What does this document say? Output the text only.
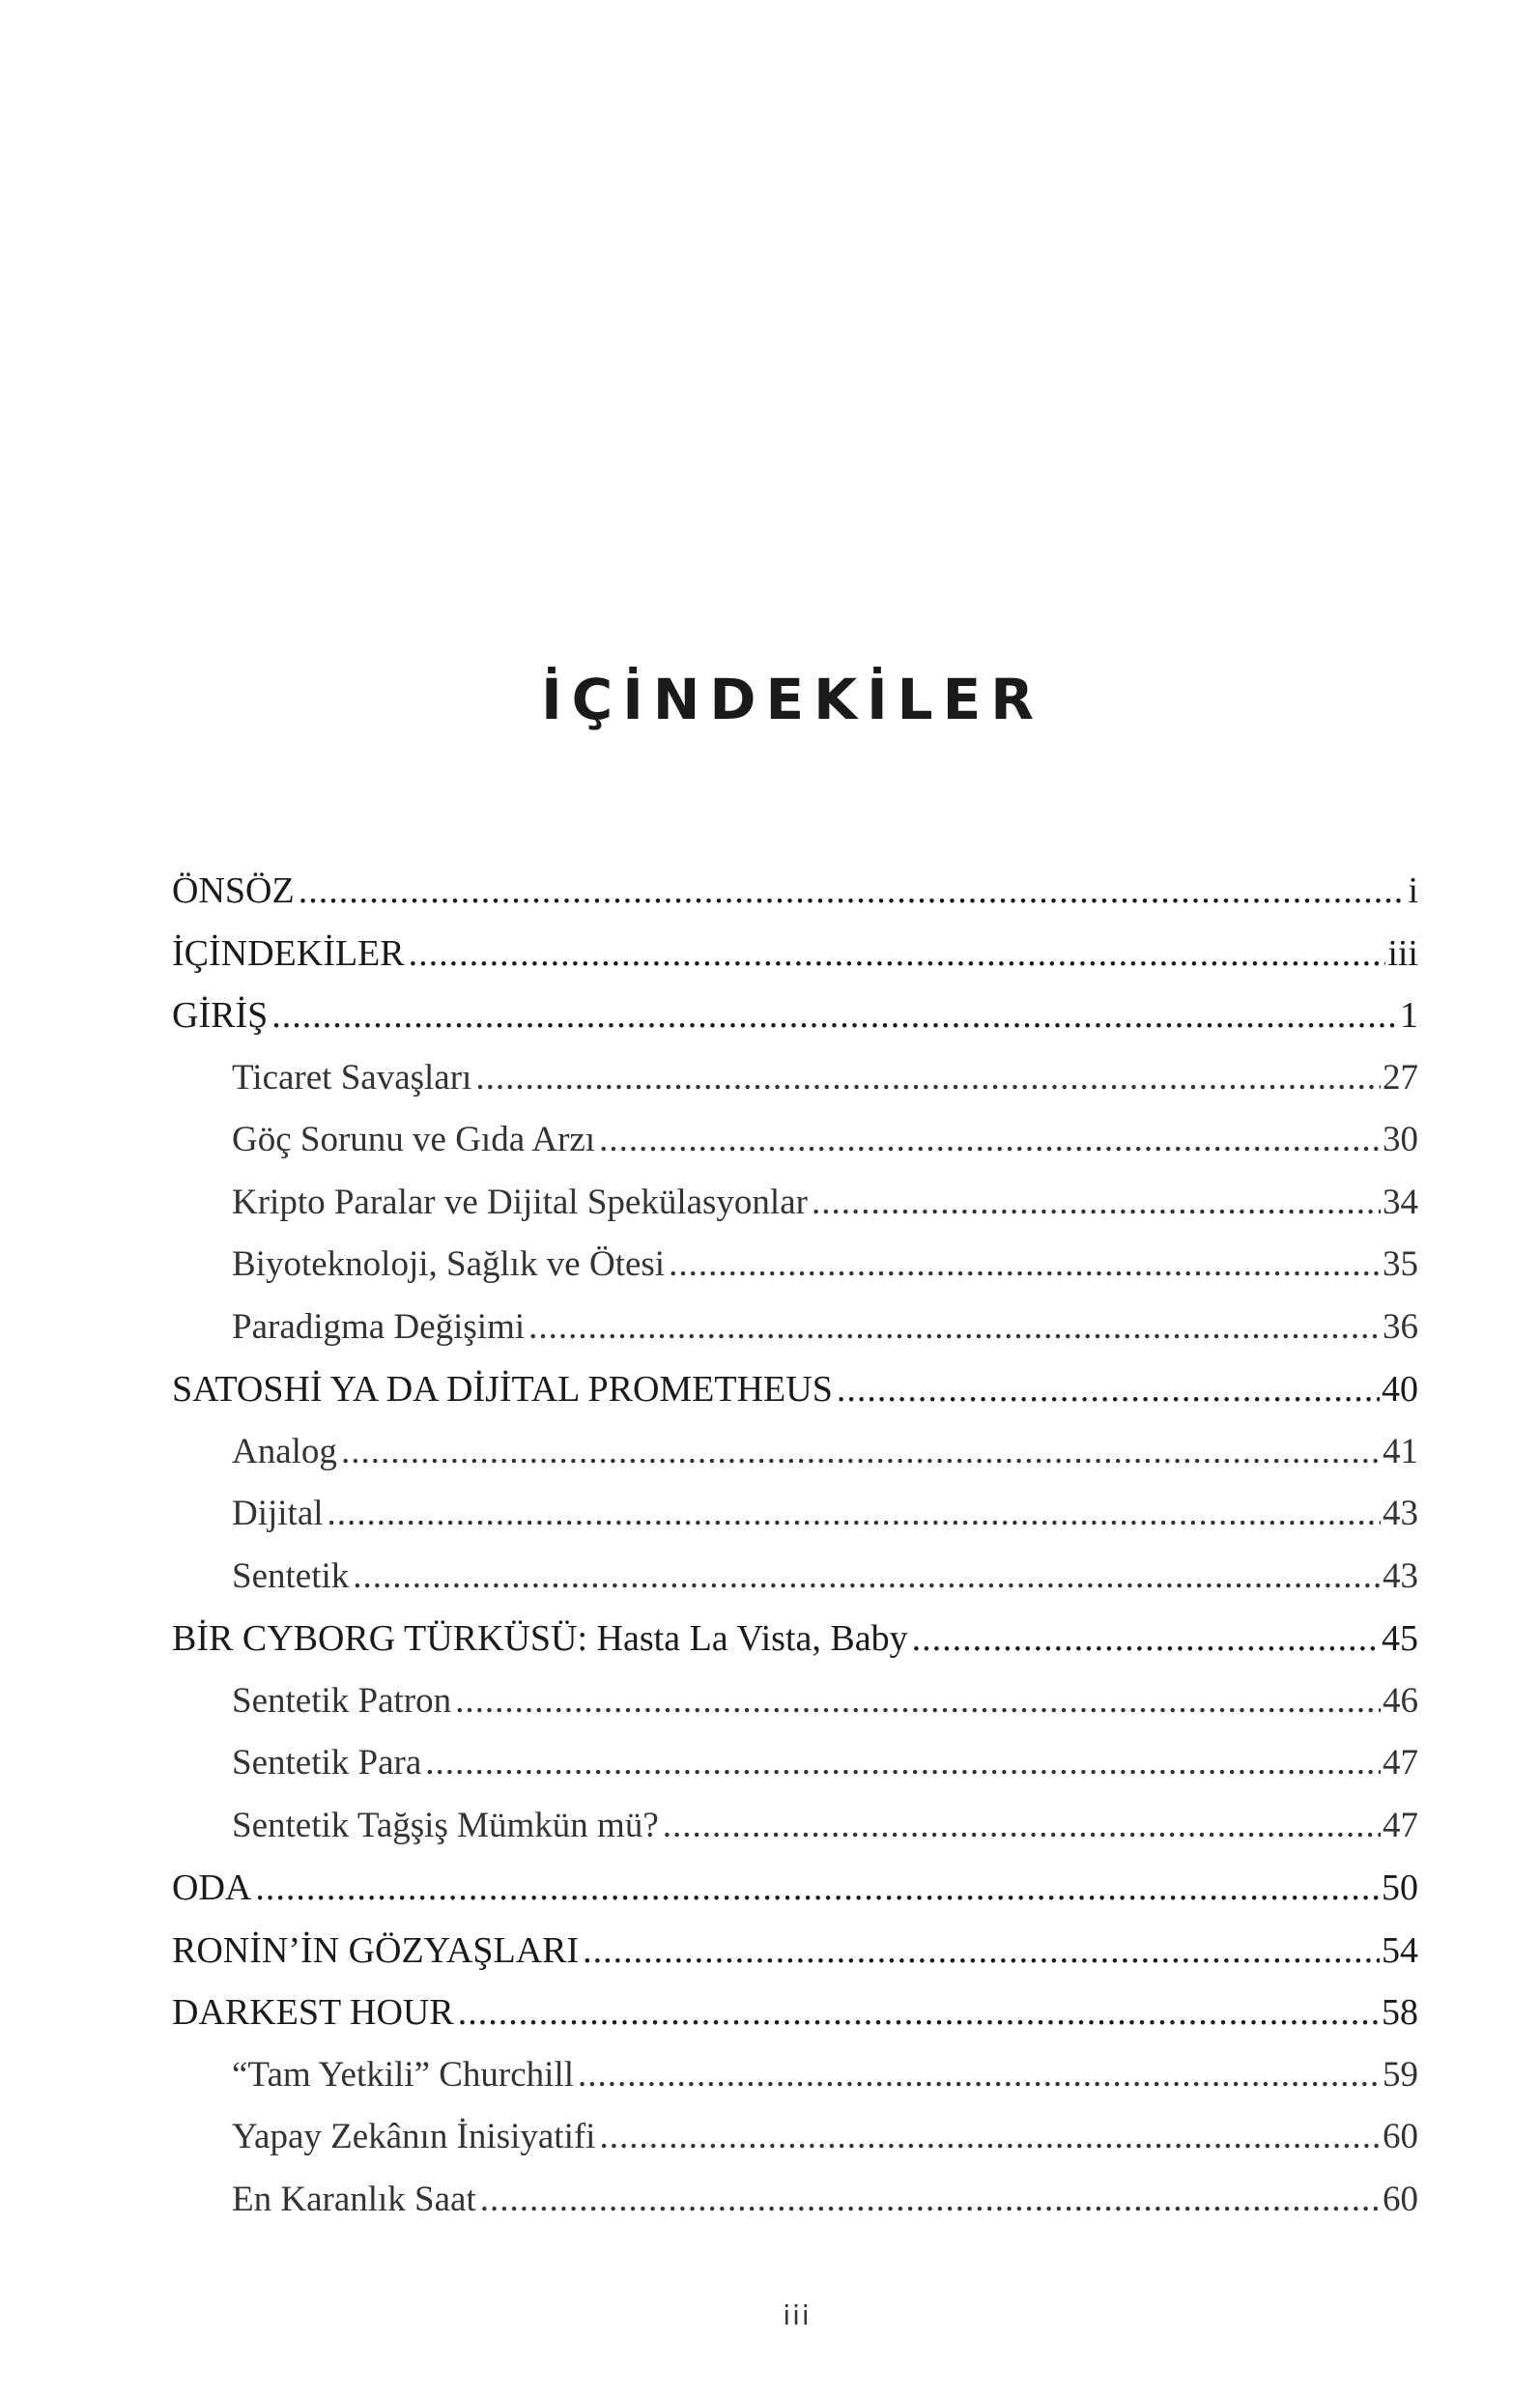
İÇİNDEKİLER
ÖNSÖZ .....	i
İÇİNDEKİLER .....	iii
GİRİŞ .....	1
Ticaret Savaşları .....	27
Göç Sorunu ve Gıda Arzı .....	30
Kripto Paralar ve Dijital Spekülasyonlar .....	34
Biyoteknoloji, Sağlık ve Ötesi .....	35
Paradigma Değişimi .....	36
SATOSHİ YA DA DİJİTAL PROMETHEUS .....	40
Analog .....	41
Dijital .....	43
Sentetik .....	43
BİR CYBORG TÜRKÜSÜ: Hasta La Vista, Baby .....	45
Sentetik Patron .....	46
Sentetik Para .....	47
Sentetik Tağşiş Mümkün mü? .....	47
ODA .....	50
RONİN’İN GÖZYAŞLARI .....	54
DARKEST HOUR .....	58
“Tam Yetkili” Churchill .....	59
Yapay Zekânın İnisiyatifi .....	60
En Karanlık Saat .....	60
iii
